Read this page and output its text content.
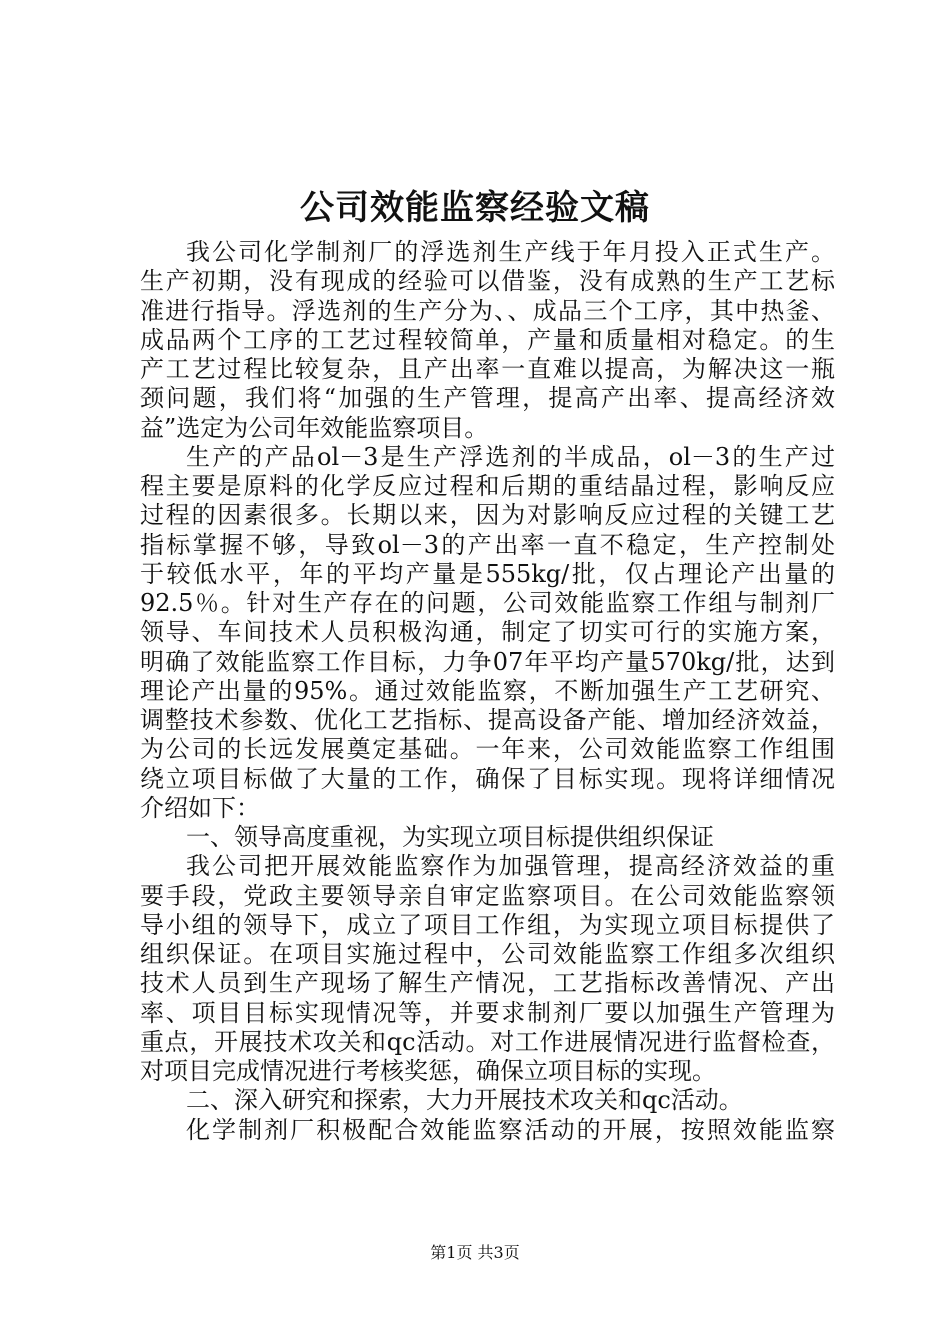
公司效能监察经验文稿
我公司化学制剂厂的浮选剂生产线于年月投入正式生产。
生产初期，没有现成的经验可以借鉴，没有成熟的生产工艺标
准进行指导。浮选剂的生产分为、、成品三个工序，其中热釜、
成品两个工序的工艺过程较简单，产量和质量相对稳定。的生
产工艺过程比较复杂，且产出率一直难以提高，为解决这一瓶
颈问题，我们将“加强的生产管理，提高产出率、提高经济效
益”选定为公司年效能监察项目。
生产的产品ol－3是生产浮选剂的半成品，ol－3的生产过
程主要是原料的化学反应过程和后期的重结晶过程，影响反应
过程的因素很多。长期以来，因为对影响反应过程的关键工艺
指标掌握不够，导致ol－3的产出率一直不稳定，生产控制处
于较低水平，年的平均产量是555kg/批，仅占理论产出量的
92.5％。针对生产存在的问题，公司效能监察工作组与制剂厂
领导、车间技术人员积极沟通，制定了切实可行的实施方案，
明确了效能监察工作目标，力争07年平均产量570kg/批，达到
理论产出量的95%。通过效能监察，不断加强生产工艺研究、
调整技术参数、优化工艺指标、提高设备产能、增加经济效益，
为公司的长远发展奠定基础。一年来，公司效能监察工作组围
绕立项目标做了大量的工作，确保了目标实现。现将详细情况
介绍如下：
一、领导高度重视，为实现立项目标提供组织保证
我公司把开展效能监察作为加强管理，提高经济效益的重
要手段，党政主要领导亲自审定监察项目。在公司效能监察领
导小组的领导下，成立了项目工作组，为实现立项目标提供了
组织保证。在项目实施过程中，公司效能监察工作组多次组织
技术人员到生产现场了解生产情况，工艺指标改善情况、产出
率、项目目标实现情况等，并要求制剂厂要以加强生产管理为
重点，开展技术攻关和qc活动。对工作进展情况进行监督检查，
对项目完成情况进行考核奖惩，确保立项目标的实现。
二、深入研究和探索，大力开展技术攻关和qc活动。
化学制剂厂积极配合效能监察活动的开展，按照效能监察
第1页 共3页
